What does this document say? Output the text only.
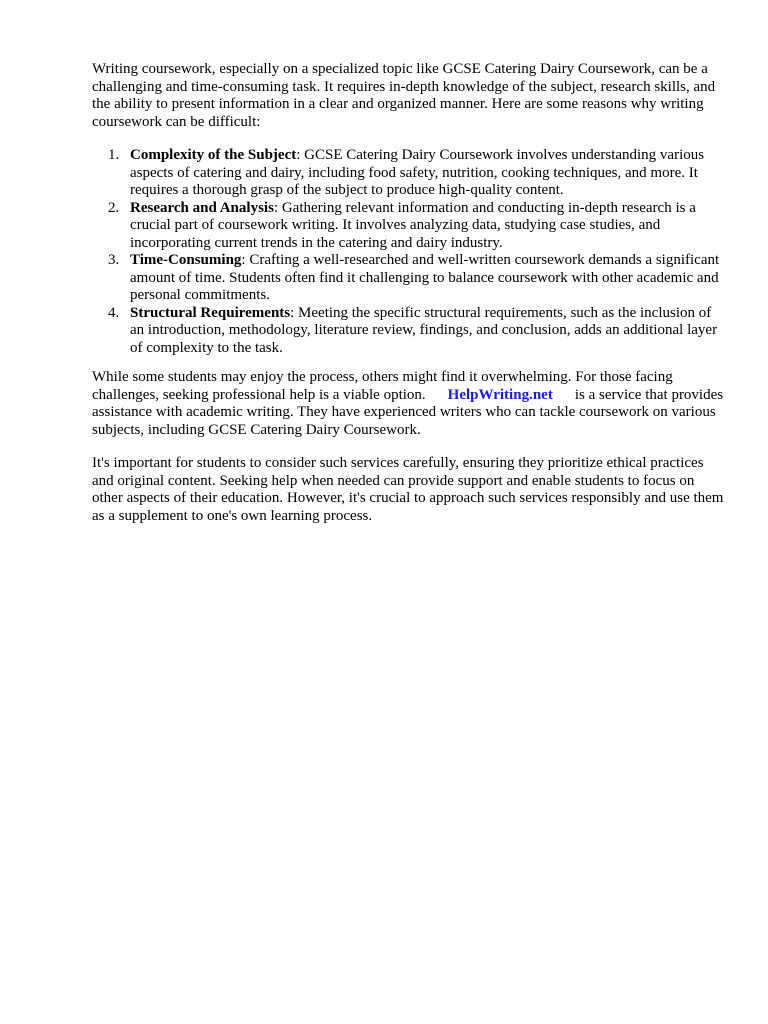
Writing coursework, especially on a specialized topic like GCSE Catering Dairy Coursework, can be a challenging and time-consuming task. It requires in-depth knowledge of the subject, research skills, and the ability to present information in a clear and organized manner. Here are some reasons why writing coursework can be difficult:

1. Complexity of the Subject: GCSE Catering Dairy Coursework involves understanding various aspects of catering and dairy, including food safety, nutrition, cooking techniques, and more. It requires a thorough grasp of the subject to produce high-quality content.
2. Research and Analysis: Gathering relevant information and conducting in-depth research is a crucial part of coursework writing. It involves analyzing data, studying case studies, and incorporating current trends in the catering and dairy industry.
3. Time-Consuming: Crafting a well-researched and well-written coursework demands a significant amount of time. Students often find it challenging to balance coursework with other academic and personal commitments.
4. Structural Requirements: Meeting the specific structural requirements, such as the inclusion of an introduction, methodology, literature review, findings, and conclusion, adds an additional layer of complexity to the task.

While some students may enjoy the process, others might find it overwhelming. For those facing challenges, seeking professional help is a viable option. HelpWriting.net is a service that provides assistance with academic writing. They have experienced writers who can tackle coursework on various subjects, including GCSE Catering Dairy Coursework.

It's important for students to consider such services carefully, ensuring they prioritize ethical practices and original content. Seeking help when needed can provide support and enable students to focus on other aspects of their education. However, it's crucial to approach such services responsibly and use them as a supplement to one's own learning process.
